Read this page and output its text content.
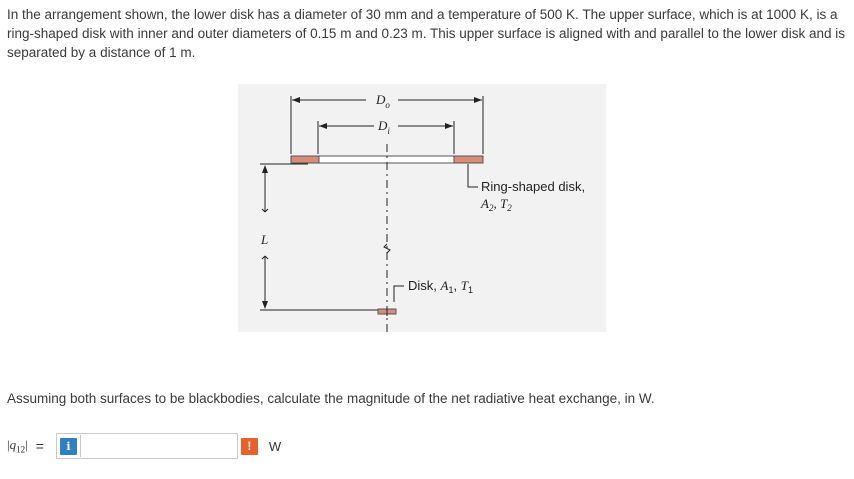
In the arrangement shown, the lower disk has a diameter of 30 mm and a temperature of 500 K. The upper surface, which is at 1000 K, is a ring-shaped disk with inner and outer diameters of 0.15 m and 0.23 m. This upper surface is aligned with and parallel to the lower disk and is separated by a distance of 1 m.
$D_o$
$D_i$
L
Ring-shaped disk,
$A_2$, $T_2$
Disk, $A_1$, $T_1$
Assuming both surfaces to be blackbodies, calculate the magnitude of the net radiative heat exchange, in W.
$|q_{12}|$ =	i	!	W
